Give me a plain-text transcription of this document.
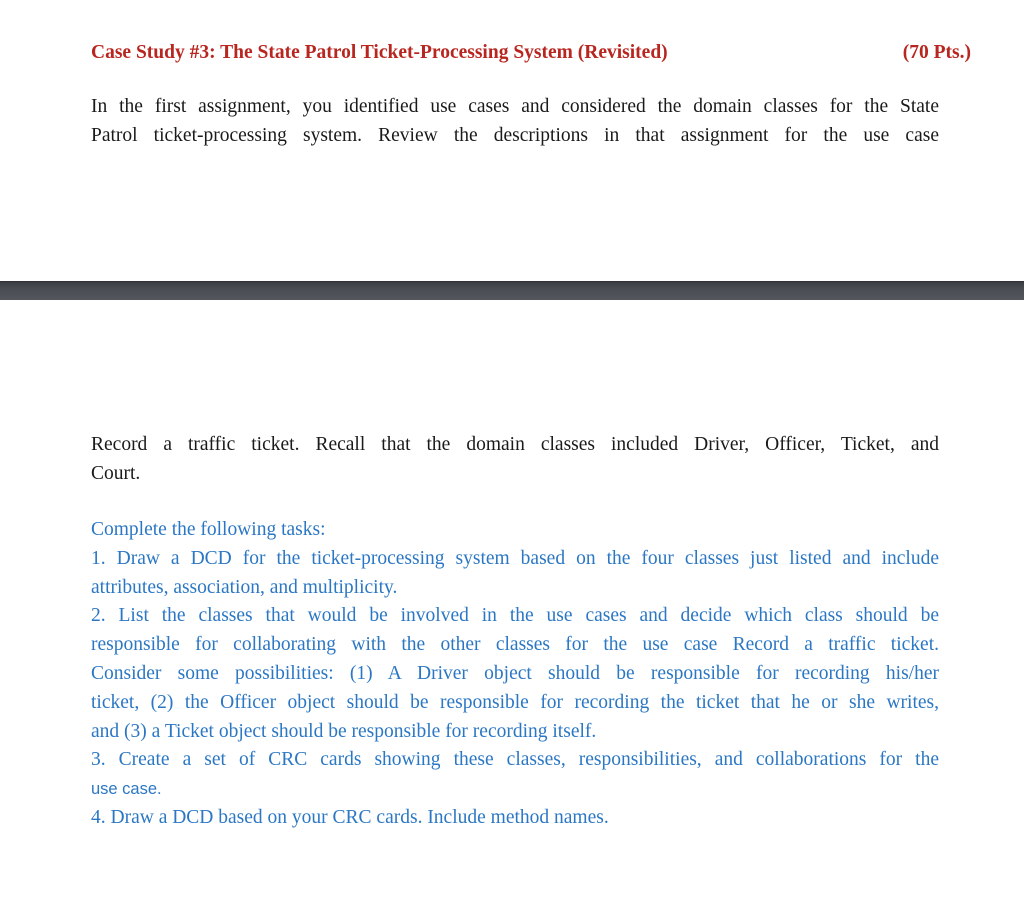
Case Study #3: The State Patrol Ticket-Processing System (Revisited)	(70 Pts.)
In the first assignment, you identified use cases and considered the domain classes for the State
Patrol ticket-processing system. Review the descriptions in that assignment for the use case
Record a traffic ticket. Recall that the domain classes included Driver, Officer, Ticket, and
Court.
Complete the following tasks:
1. Draw a DCD for the ticket-processing system based on the four classes just listed and include
attributes, association, and multiplicity.
2. List the classes that would be involved in the use cases and decide which class should be
responsible for collaborating with the other classes for the use case Record a traffic ticket.
Consider some possibilities: (1) A Driver object should be responsible for recording his/her
ticket, (2) the Officer object should be responsible for recording the ticket that he or she writes,
and (3) a Ticket object should be responsible for recording itself.
3. Create a set of CRC cards showing these classes, responsibilities, and collaborations for the
use case.
4. Draw a DCD based on your CRC cards. Include method names.
